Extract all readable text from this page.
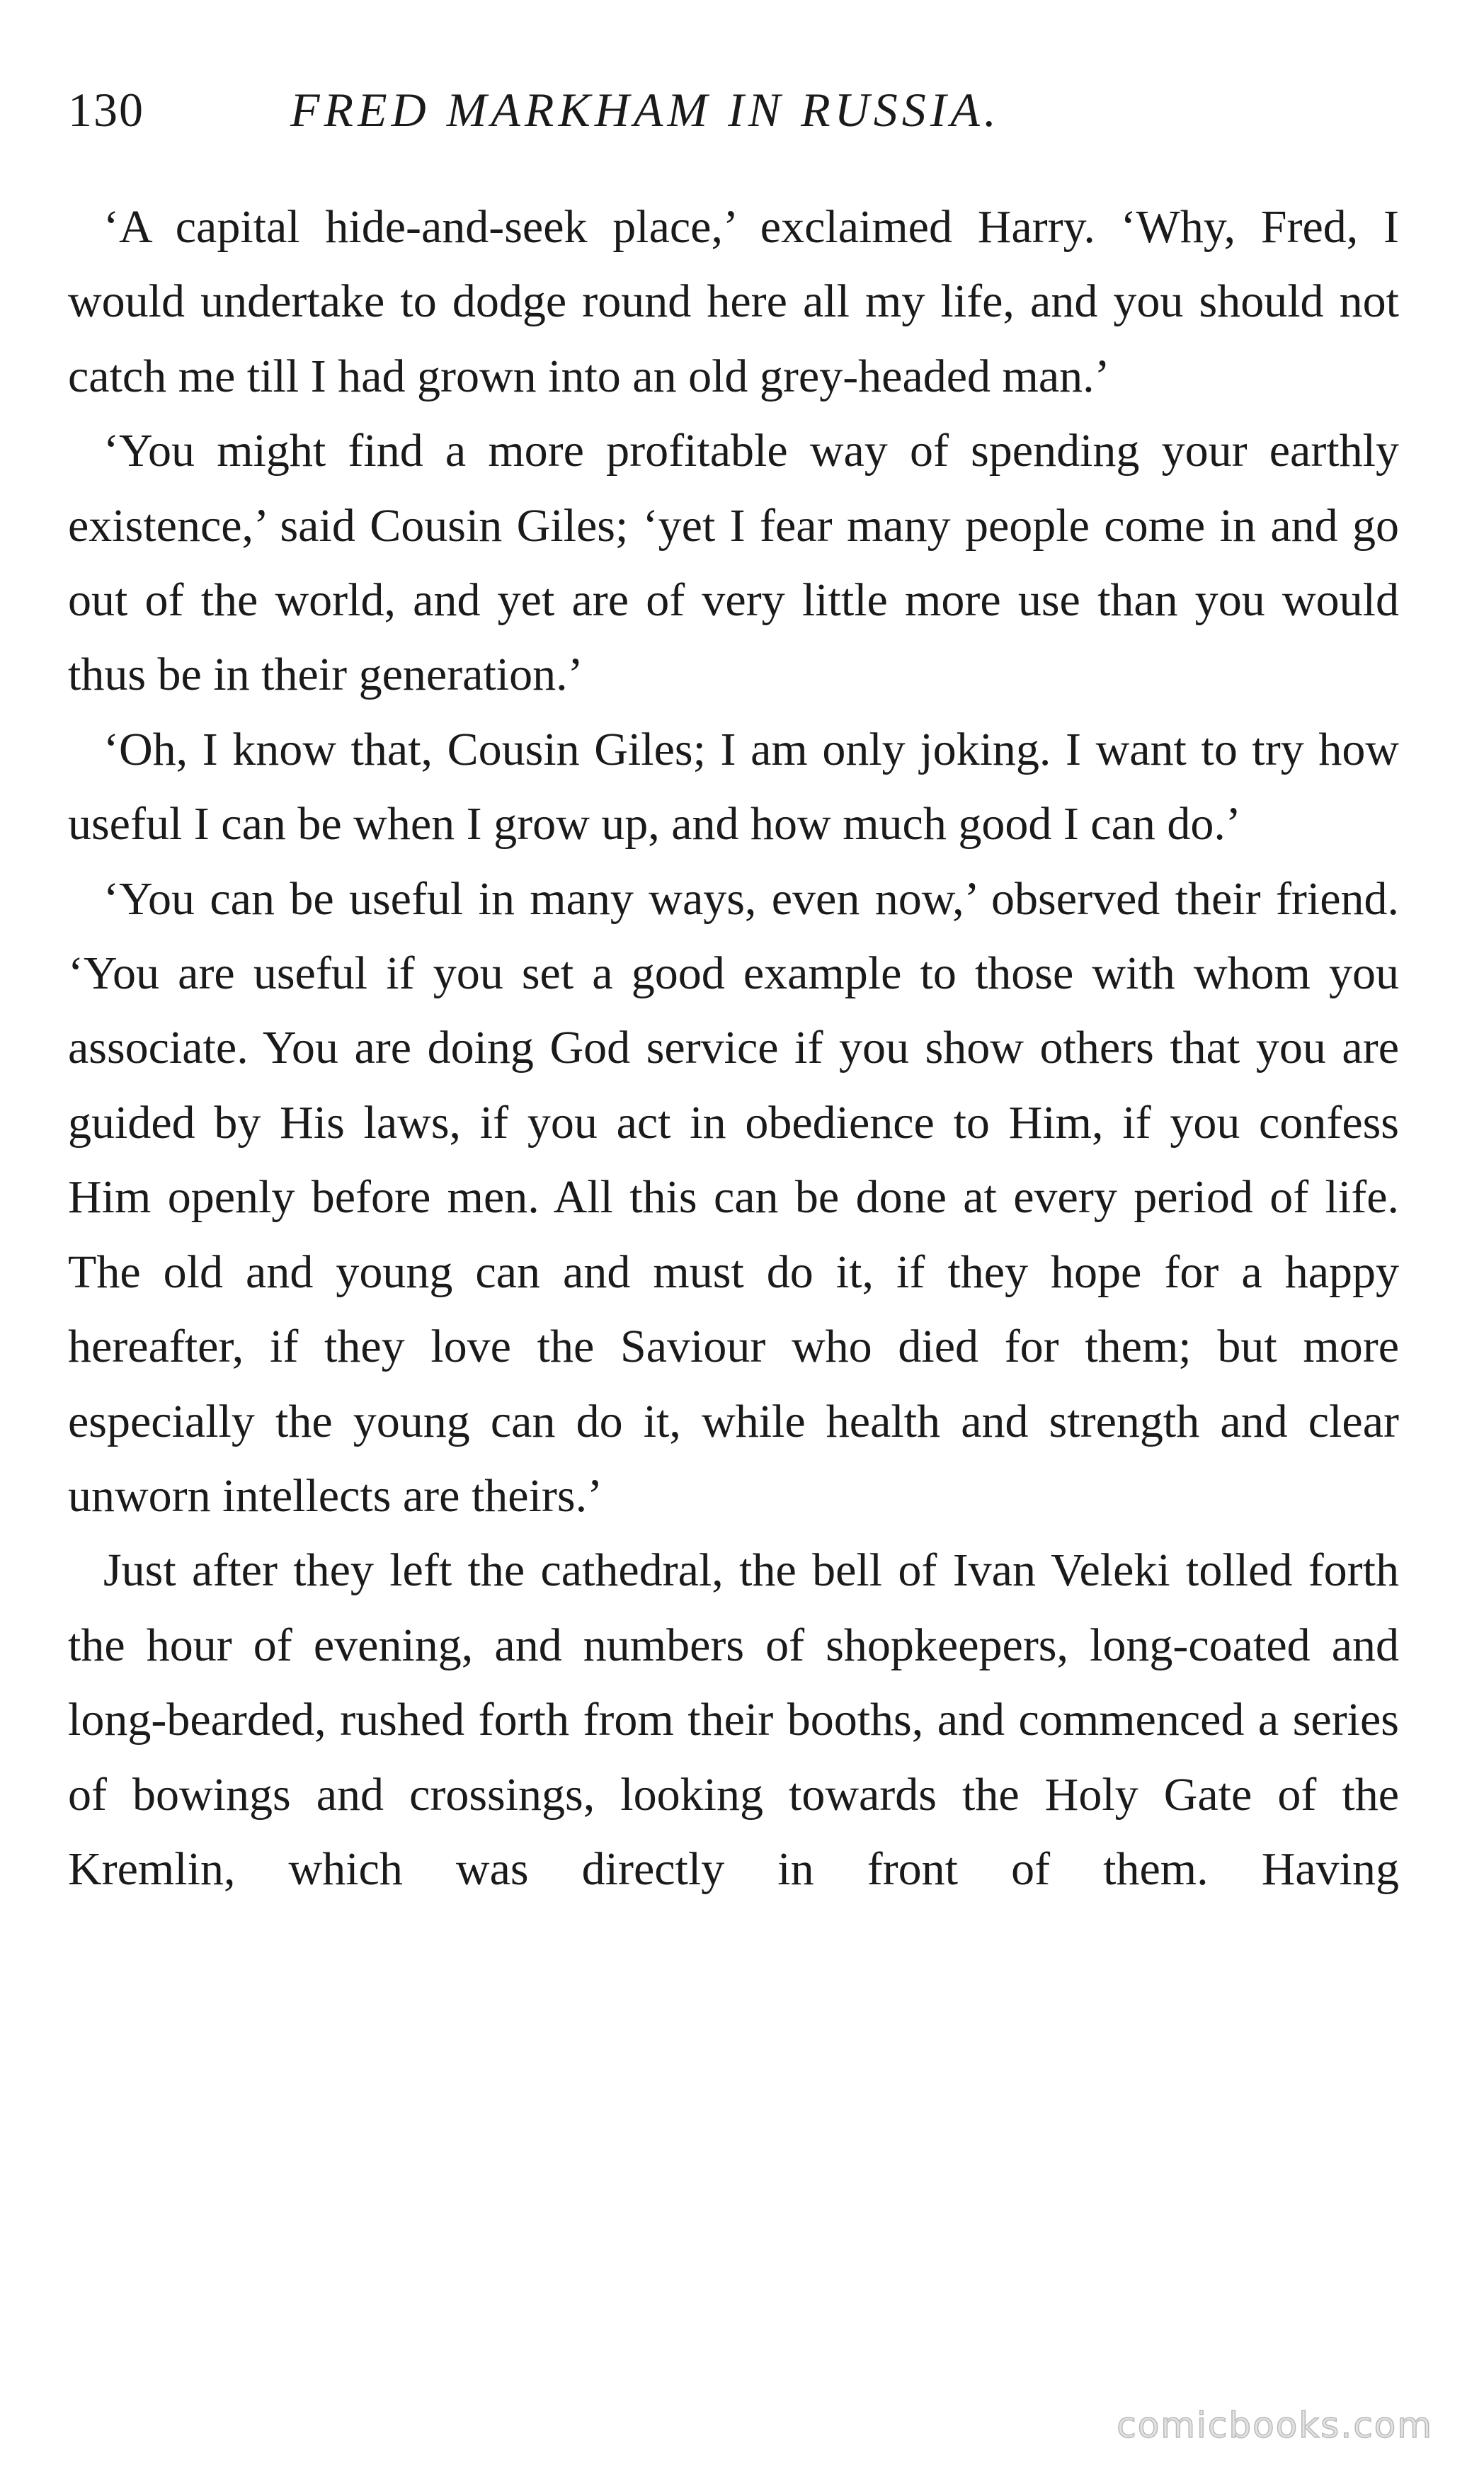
130	FRED MARKHAM IN RUSSIA.

‘A capital hide-and-seek place,’ exclaimed Harry. ‘Why, Fred, I would undertake to dodge round here all my life, and you should not catch me till I had grown into an old grey-headed man.’

‘You might find a more profitable way of spending your earthly existence,’ said Cousin Giles; ‘yet I fear many people come in and go out of the world, and yet are of very little more use than you would thus be in their generation.’

‘Oh, I know that, Cousin Giles; I am only joking. I want to try how useful I can be when I grow up, and how much good I can do.’

‘You can be useful in many ways, even now,’ observed their friend. ‘You are useful if you set a good example to those with whom you associate. You are doing God service if you show others that you are guided by His laws, if you act in obedience to Him, if you confess Him openly before men. All this can be done at every period of life. The old and young can and must do it, if they hope for a happy hereafter, if they love the Saviour who died for them; but more especially the young can do it, while health and strength and clear unworn intellects are theirs.’

Just after they left the cathedral, the bell of Ivan Veleki tolled forth the hour of evening, and numbers of shopkeepers, long-coated and long-bearded, rushed forth from their booths, and commenced a series of bowings and crossings, looking towards the Holy Gate of the Kremlin, which was directly in front of them. Having

comicbooks.com
